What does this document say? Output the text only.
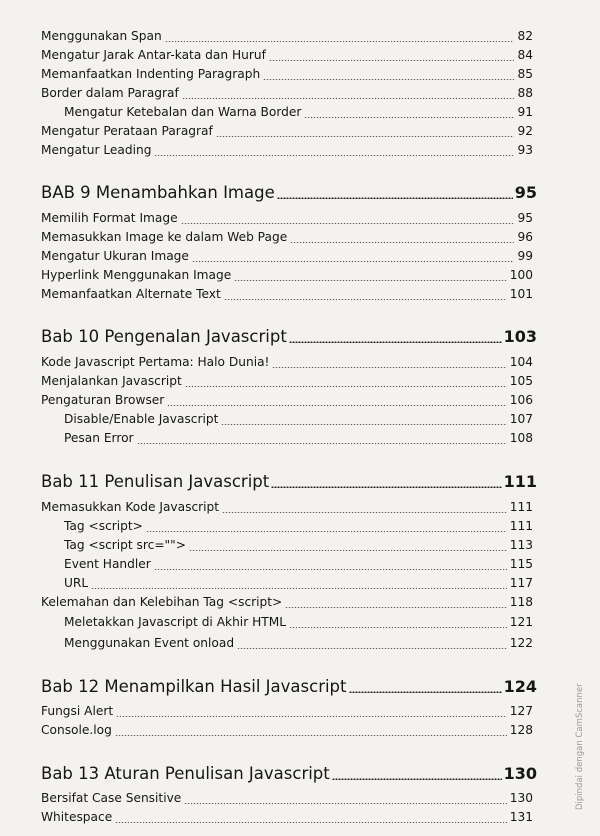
Menggunakan Span	82
Mengatur Jarak Antar-kata dan Huruf	84
Memanfaatkan Indenting Paragraph	85
Border dalam Paragraf	88
Mengatur Ketebalan dan Warna Border	91
Mengatur Perataan Paragraf	92
Mengatur Leading	93
BAB 9 Menambahkan Image	95
Memilih Format Image	95
Memasukkan Image ke dalam Web Page	96
Mengatur Ukuran Image	99
Hyperlink Menggunakan Image	100
Memanfaatkan Alternate Text	101
Bab 10 Pengenalan Javascript	103
Kode Javascript Pertama: Halo Dunia!	104
Menjalankan Javascript	105
Pengaturan Browser	106
Disable/Enable Javascript	107
Pesan Error	108
Bab 11 Penulisan Javascript	111
Memasukkan Kode Javascript	111
Tag <script>	111
Tag <script src="">	113
Event Handler	115
URL	117
Kelemahan dan Kelebihan Tag <script>	118
Meletakkan Javascript di Akhir HTML	121
Menggunakan Event onload	122
Bab 12 Menampilkan Hasil Javascript	124
Fungsi Alert	127
Console.log	128
Bab 13 Aturan Penulisan Javascript	130
Bersifat Case Sensitive	130
Whitespace	131
Dipindai dengan CamScanner
